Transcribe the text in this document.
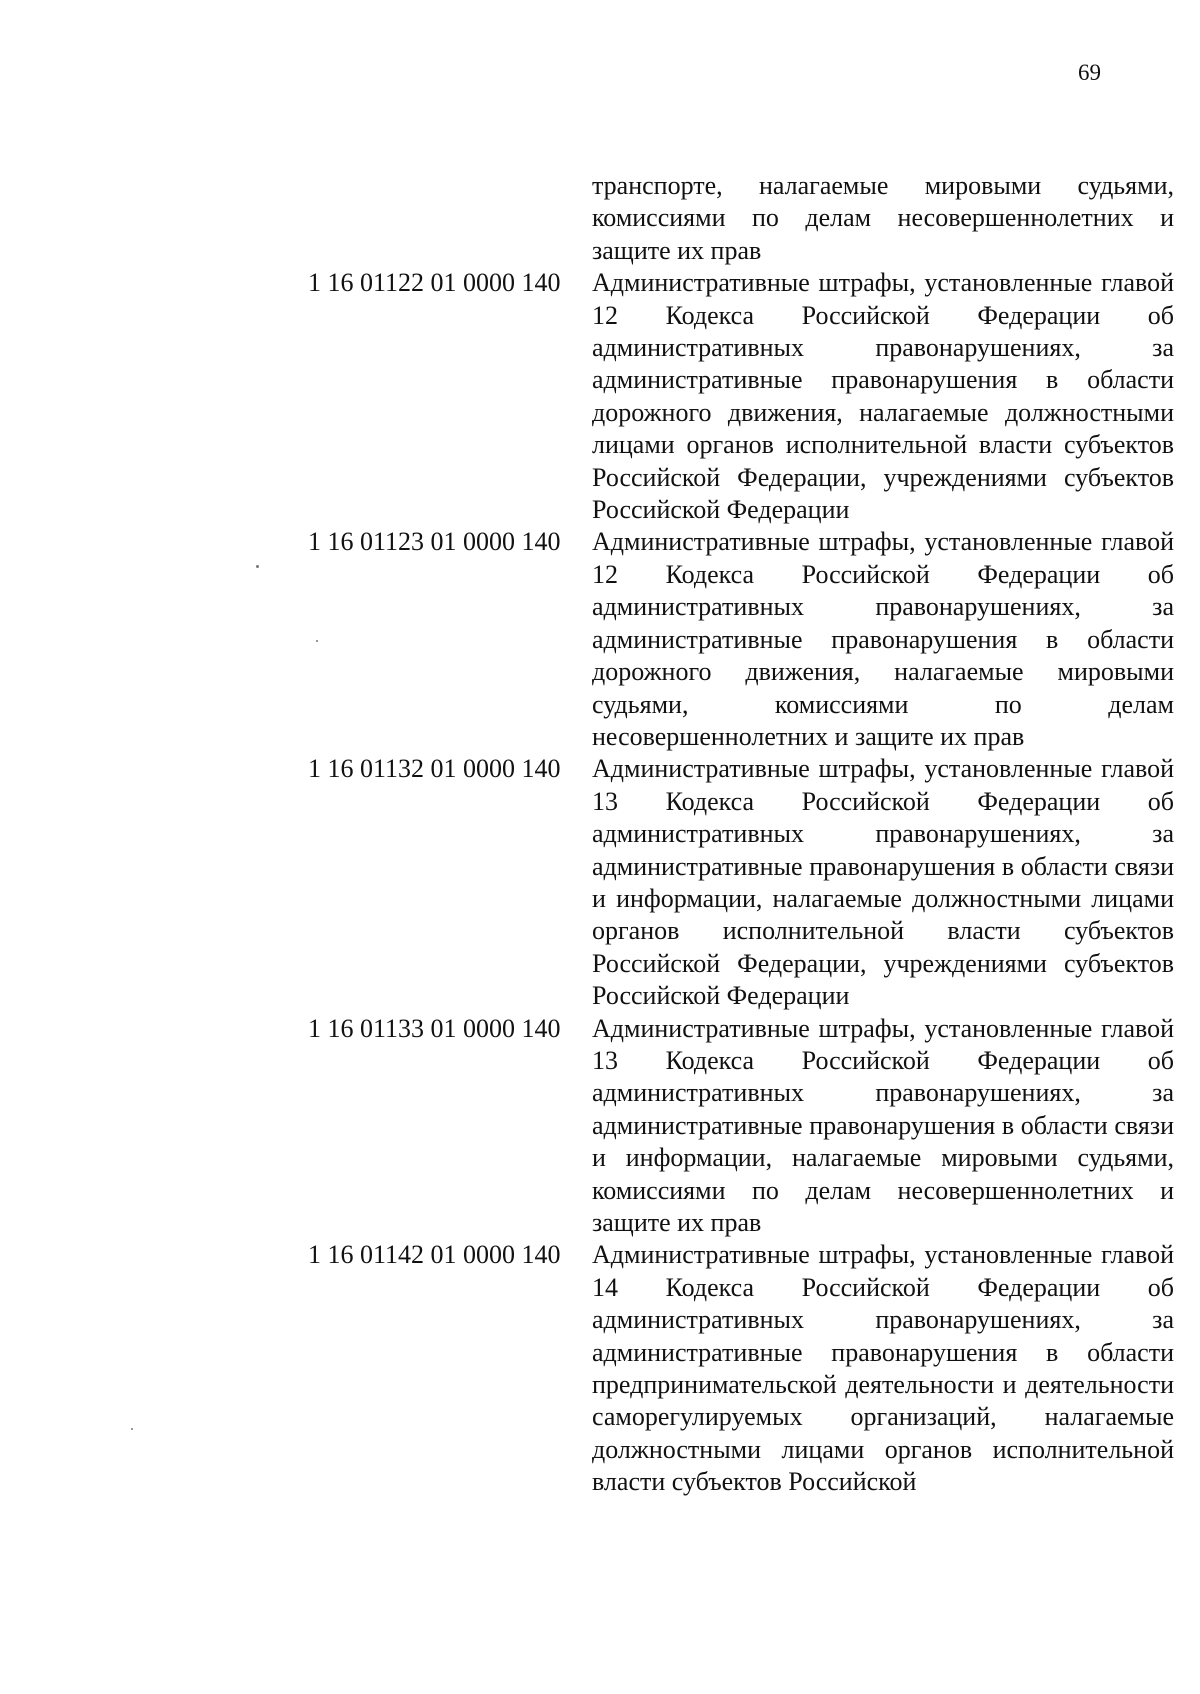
69
транспорте, налагаемые мировыми судьями, комиссиями по делам несовершеннолетних и защите их прав
1 16 01122 01 0000 140 Административные штрафы, установленные главой 12 Кодекса Российской Федерации об административных правонарушениях, за административные правонарушения в области дорожного движения, налагаемые должностными лицами органов исполнительной власти субъектов Российской Федерации, учреждениями субъектов Российской Федерации
1 16 01123 01 0000 140 Административные штрафы, установленные главой 12 Кодекса Российской Федерации об административных правонарушениях, за административные правонарушения в области дорожного движения, налагаемые мировыми судьями, комиссиями по делам несовершеннолетних и защите их прав
1 16 01132 01 0000 140 Административные штрафы, установленные главой 13 Кодекса Российской Федерации об административных правонарушениях, за административные правонарушения в области связи и информации, налагаемые должностными лицами органов исполнительной власти субъектов Российской Федерации, учреждениями субъектов Российской Федерации
1 16 01133 01 0000 140 Административные штрафы, установленные главой 13 Кодекса Российской Федерации об административных правонарушениях, за административные правонарушения в области связи и информации, налагаемые мировыми судьями, комиссиями по делам несовершеннолетних и защите их прав
1 16 01142 01 0000 140 Административные штрафы, установленные главой 14 Кодекса Российской Федерации об административных правонарушениях, за административные правонарушения в области предпринимательской деятельности и деятельности саморегулируемых организаций, налагаемые должностными лицами органов исполнительной власти субъектов Российской
